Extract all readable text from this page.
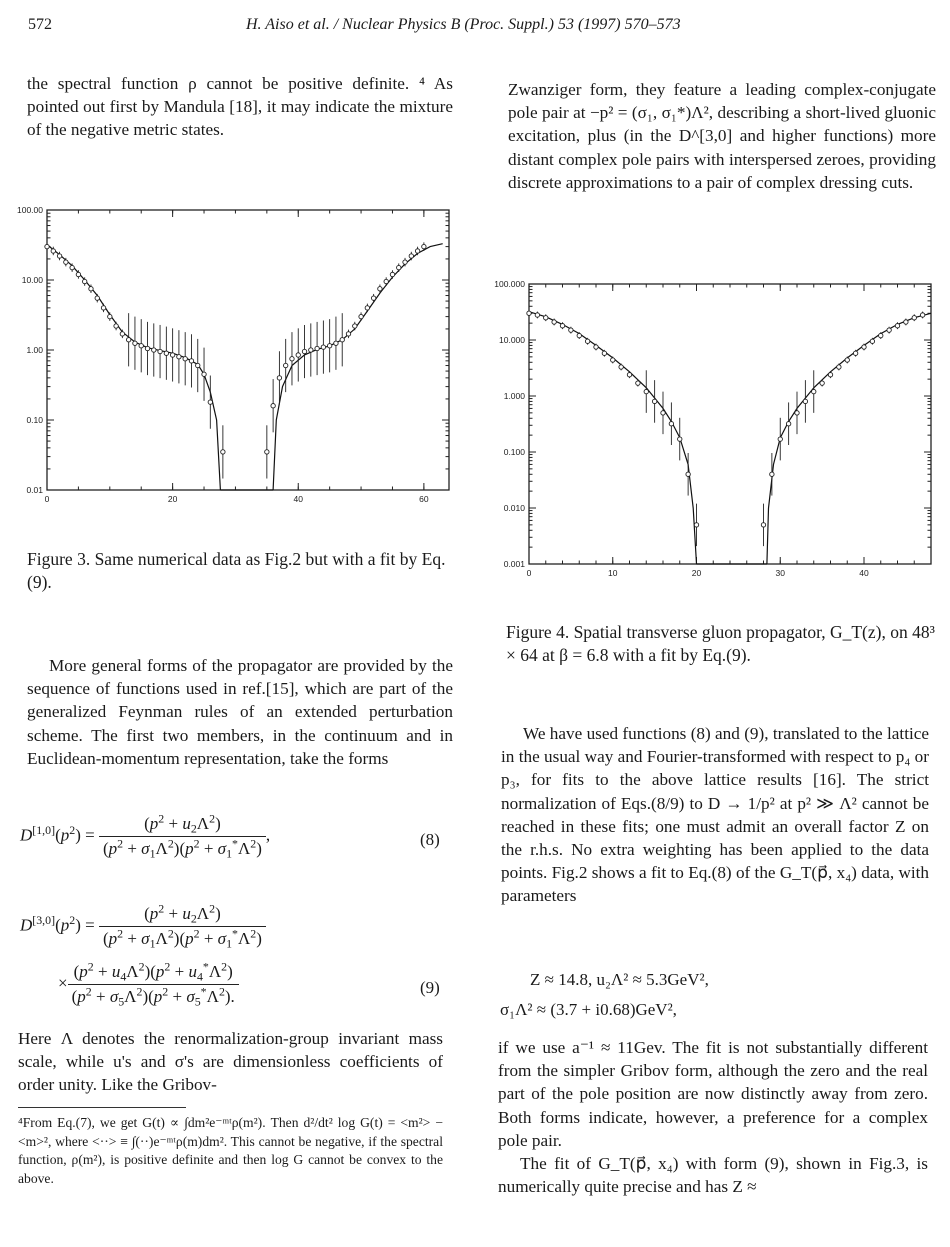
572	H. Aiso et al. / Nuclear Physics B (Proc. Suppl.) 53 (1997) 570–573

the spectral function ρ cannot be positive definite. ⁴ As pointed out first by Mandula [18], it may indicate the mixture of the negative metric states.

100.00
10.00
1.00
0.10
0.01
0	20	40	60
Figure 3. Same numerical data as Fig.2 but with a fit by Eq.(9).

More general forms of the propagator are provided by the sequence of functions used in ref.[15], which are part of the generalized Feynman rules of an extended perturbation scheme. The first two members, in the continuum and in Euclidean-momentum representation, take the forms

$D[1,0](p^2) = \frac{(p^2 + u_2\Lambda^2)}{(p^2 + \sigma_1\Lambda^2)(p^2 + \sigma_1^*\Lambda^2)}$ ,	(8)
$D[3,0](p^2) = \frac{(p^2 + u_2\Lambda^2)}{(p^2 + \sigma_1\Lambda^2)(p^2 + \sigma_1^*\Lambda^2)}$
× $\frac{(p^2 + u_4\Lambda^2)(p^2 + u_4^*\Lambda^2)}{(p^2 + \sigma_5\Lambda^2)(p^2 + \sigma_5^*\Lambda^2).}$	(9)

Here Λ denotes the renormalization-group invariant mass scale, while u's and σ's are dimensionless coefficients of order unity. Like the Gribov-

⁴From Eq.(7), we get G(t) ∝ ∫dm²e⁻ᵐᵗρ(m²). Then d²/dt² log G(t) = <m²> − <m>², where <··> ≡ ∫(··)e⁻ᵐᵗρ(m)dm². This cannot be negative, if the spectral function, ρ(m²), is positive definite and then log G cannot be convex to the above.

Zwanziger form, they feature a leading complex-conjugate pole pair at −p² = (σ₁, σ₁*)Λ², describing a short-lived gluonic excitation, plus (in the D^[3,0] and higher functions) more distant complex pole pairs with interspersed zeroes, providing discrete approximations to a pair of complex dressing cuts.

100.000
10.000
1.000
0.100
0.010
0.001
0	10	20	30	40
Figure 4. Spatial transverse gluon propagator, G_T(z), on 48³ × 64 at β = 6.8 with a fit by Eq.(9).

We have used functions (8) and (9), translated to the lattice in the usual way and Fourier-transformed with respect to p₄ or p₃, for fits to the above lattice results [16]. The strict normalization of Eqs.(8/9) to D → 1/p² at p² ≫ Λ² cannot be reached in these fits; one must admit an overall factor Z on the r.h.s. No extra weighting has been applied to the data points. Fig.2 shows a fit to Eq.(8) of the G_T(p⃗, x₄) data, with parameters

Z ≈ 14.8, u₂Λ² ≈ 5.3GeV²,
σ₁Λ² ≈ (3.7 + i0.68)GeV²,

if we use a⁻¹ ≈ 11Gev. The fit is not substantially different from the simpler Gribov form, although the zero and the real part of the pole position are now distinctly away from zero. Both forms indicate, however, a preference for a complex pole pair.

The fit of G_T(p⃗, x₄) with form (9), shown in Fig.3, is numerically quite precise and has Z ≈
